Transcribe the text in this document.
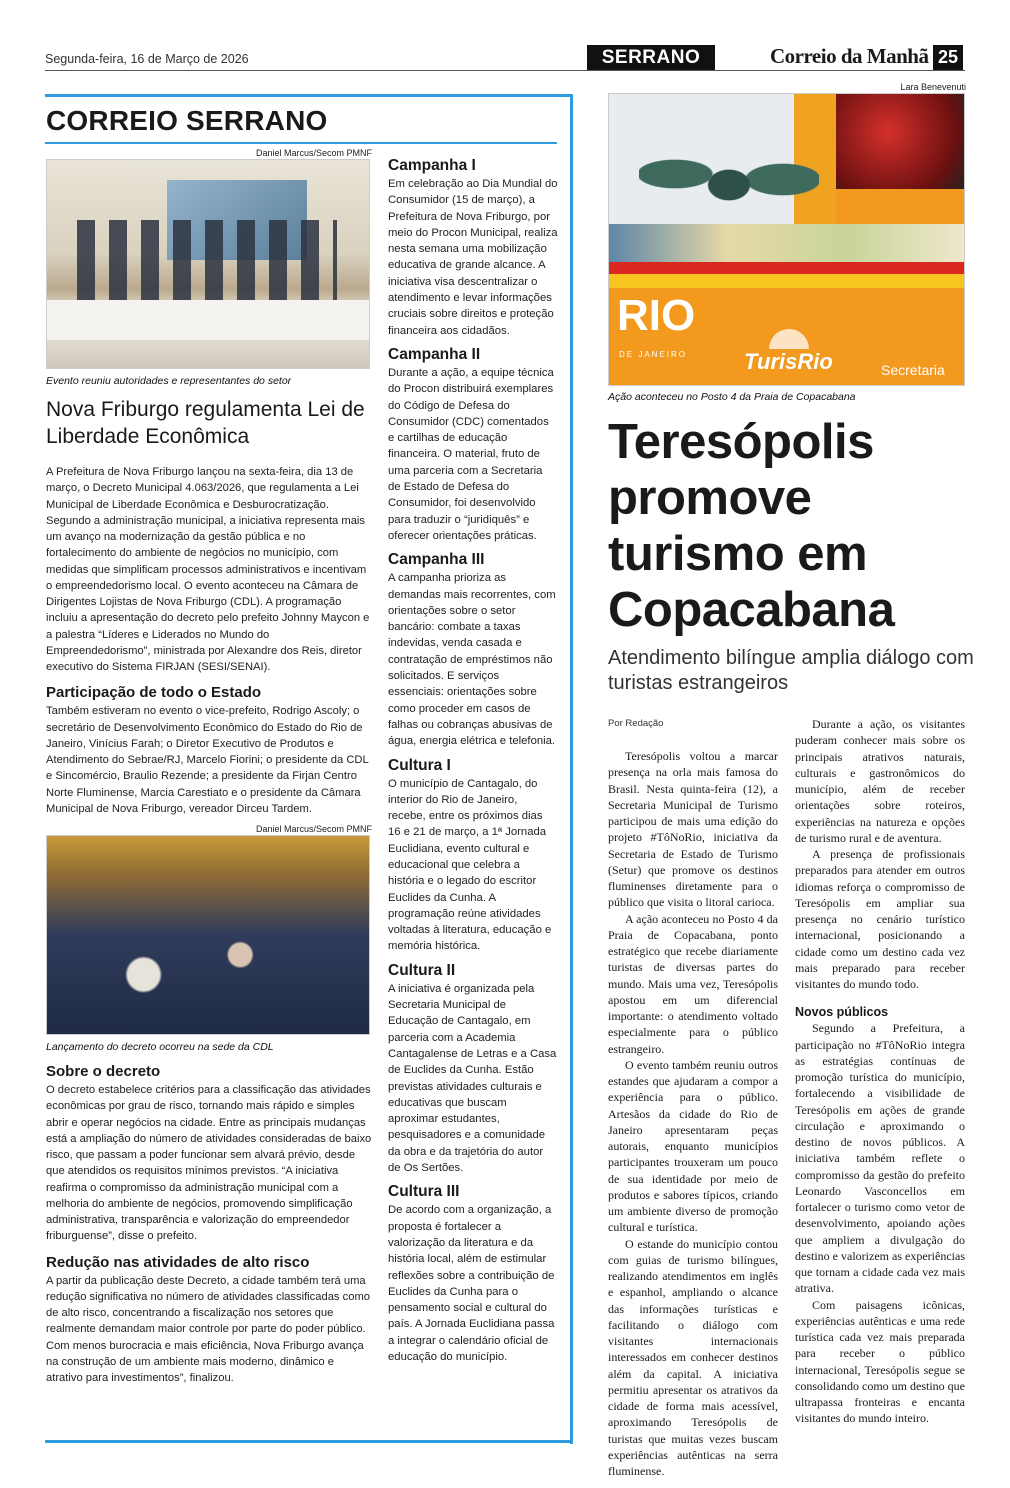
Segunda-feira, 16 de Março de 2026	SERRANO	Correio da Manhã 25
CORREIO SERRANO
Daniel Marcus/Secom PMNF
Evento reuniu autoridades e representantes do setor
Nova Friburgo regulamenta Lei de Liberdade Econômica

A Prefeitura de Nova Friburgo lançou na sexta-feira, dia 13 de março, o Decreto Municipal 4.063/2026, que regulamenta a Lei Municipal de Liberdade Econômica e Desburocratização. Segundo a administração municipal, a iniciativa representa mais um avanço na modernização da gestão pública e no fortalecimento do ambiente de negócios no município, com medidas que simplificam processos administrativos e incentivam o empreendedorismo local. O evento aconteceu na Câmara de Dirigentes Lojistas de Nova Friburgo (CDL). A programação incluiu a apresentação do decreto pelo prefeito Johnny Maycon e a palestra “Líderes e Liderados no Mundo do Empreendedorismo”, ministrada por Alexandre dos Reis, diretor executivo do Sistema FIRJAN (SESI/SENAI).

Participação de todo o Estado

Também estiveram no evento o vice-prefeito, Rodrigo Ascoly; o secretário de Desenvolvimento Econômico do Estado do Rio de Janeiro, Vinícius Farah; o Diretor Executivo de Produtos e Atendimento do Sebrae/RJ, Marcelo Fiorini; o presidente da CDL e Sincomércio, Braulio Rezende; a presidente da Firjan Centro Norte Fluminense, Marcia Carestiato e o presidente da Câmara Municipal de Nova Friburgo, vereador Dirceu Tardem.

Daniel Marcus/Secom PMNF
Lançamento do decreto ocorreu na sede da CDL
Sobre o decreto

O decreto estabelece critérios para a classificação das atividades econômicas por grau de risco, tornando mais rápido e simples abrir e operar negócios na cidade. Entre as principais mudanças está a ampliação do número de atividades consideradas de baixo risco, que passam a poder funcionar sem alvará prévio, desde que atendidos os requisitos mínimos previstos. “A iniciativa reafirma o compromisso da administração municipal com a melhoria do ambiente de negócios, promovendo simplificação administrativa, transparência e valorização do empreendedor friburguense”, disse o prefeito.

Redução nas atividades de alto risco

A partir da publicação deste Decreto, a cidade também terá uma redução significativa no número de atividades classificadas como de alto risco, concentrando a fiscalização nos setores que realmente demandam maior controle por parte do poder público. Com menos burocracia e mais eficiência, Nova Friburgo avança na construção de um ambiente mais moderno, dinâmico e atrativo para investimentos”, finalizou.

Campanha I

Em celebração ao Dia Mundial do Consumidor (15 de março), a Prefeitura de Nova Friburgo, por meio do Procon Municipal, realiza nesta semana uma mobilização educativa de grande alcance. A iniciativa visa descentralizar o atendimento e levar informações cruciais sobre direitos e proteção financeira aos cidadãos.

Campanha II

Durante a ação, a equipe técnica do Procon distribuirá exemplares do Código de Defesa do Consumidor (CDC) comentados e cartilhas de educação financeira. O material, fruto de uma parceria com a Secretaria de Estado de Defesa do Consumidor, foi desenvolvido para traduzir o “juridiquês” e oferecer orientações práticas.

Campanha III

A campanha prioriza as demandas mais recorrentes, com orientações sobre o setor bancário: combate a taxas indevidas, venda casada e contratação de empréstimos não solicitados. E serviços essenciais: orientações sobre como proceder em casos de falhas ou cobranças abusivas de água, energia elétrica e telefonia.

Cultura I

O município de Cantagalo, do interior do Rio de Janeiro, recebe, entre os próximos dias 16 e 21 de março, a 1ª Jornada Euclidiana, evento cultural e educacional que celebra a história e o legado do escritor Euclides da Cunha. A programação reúne atividades voltadas à literatura, educação e memória histórica.

Cultura II

A iniciativa é organizada pela Secretaria Municipal de Educação de Cantagalo, em parceria com a Academia Cantagalense de Letras e a Casa de Euclides da Cunha. Estão previstas atividades culturais e educativas que buscam aproximar estudantes, pesquisadores e a comunidade da obra e da trajetória do autor de Os Sertões.

Cultura III

De acordo com a organização, a proposta é fortalecer a valorização da literatura e da história local, além de estimular reflexões sobre a contribuição de Euclides da Cunha para o pensamento social e cultural do país. A Jornada Euclidiana passa a integrar o calendário oficial de educação do município.

Lara Benevenuti
RIO
DE JANEIRO	TurisRio	Secretaria
Ação aconteceu no Posto 4 da Praia de Copacabana
Teresópolis promove turismo em Copacabana
Atendimento bilíngue amplia diálogo com turistas estrangeiros
Por Redação

Teresópolis voltou a marcar presença na orla mais famosa do Brasil. Nesta quinta-feira (12), a Secretaria Municipal de Turismo participou de mais uma edição do projeto #TôNoRio, iniciativa da Secretaria de Estado de Turismo (Setur) que promove os destinos fluminenses diretamente para o público que visita o litoral carioca.

A ação aconteceu no Posto 4 da Praia de Copacabana, ponto estratégico que recebe diariamente turistas de diversas partes do mundo. Mais uma vez, Teresópolis apostou em um diferencial importante: o atendimento voltado especialmente para o público estrangeiro.

O evento também reuniu outros estandes que ajudaram a compor a experiência para o público. Artesãos da cidade do Rio de Janeiro apresentaram peças autorais, enquanto municípios participantes trouxeram um pouco de sua identidade por meio de produtos e sabores típicos, criando um ambiente diverso de promoção cultural e turística.

O estande do município contou com guias de turismo bilíngues, realizando atendimentos em inglês e espanhol, ampliando o alcance das informações turísticas e facilitando o diálogo com visitantes internacionais interessados em conhecer destinos além da capital. A iniciativa permitiu apresentar os atrativos da cidade de forma mais acessível, aproximando Teresópolis de turistas que muitas vezes buscam experiências autênticas na serra fluminense.

Durante a ação, os visitantes puderam conhecer mais sobre os principais atrativos naturais, culturais e gastronômicos do município, além de receber orientações sobre roteiros, experiências na natureza e opções de turismo rural e de aventura.

A presença de profissionais preparados para atender em outros idiomas reforça o compromisso de Teresópolis em ampliar sua presença no cenário turístico internacional, posicionando a cidade como um destino cada vez mais preparado para receber visitantes do mundo todo.

Novos públicos

Segundo a Prefeitura, a participação no #TôNoRio integra as estratégias contínuas de promoção turística do município, fortalecendo a visibilidade de Teresópolis em ações de grande circulação e aproximando o destino de novos públicos. A iniciativa também reflete o compromisso da gestão do prefeito Leonardo Vasconcellos em fortalecer o turismo como vetor de desenvolvimento, apoiando ações que ampliem a divulgação do destino e valorizem as experiências que tornam a cidade cada vez mais atrativa.

Com paisagens icônicas, experiências autênticas e uma rede turística cada vez mais preparada para receber o público internacional, Teresópolis segue se consolidando como um destino que ultrapassa fronteiras e encanta visitantes do mundo inteiro.
